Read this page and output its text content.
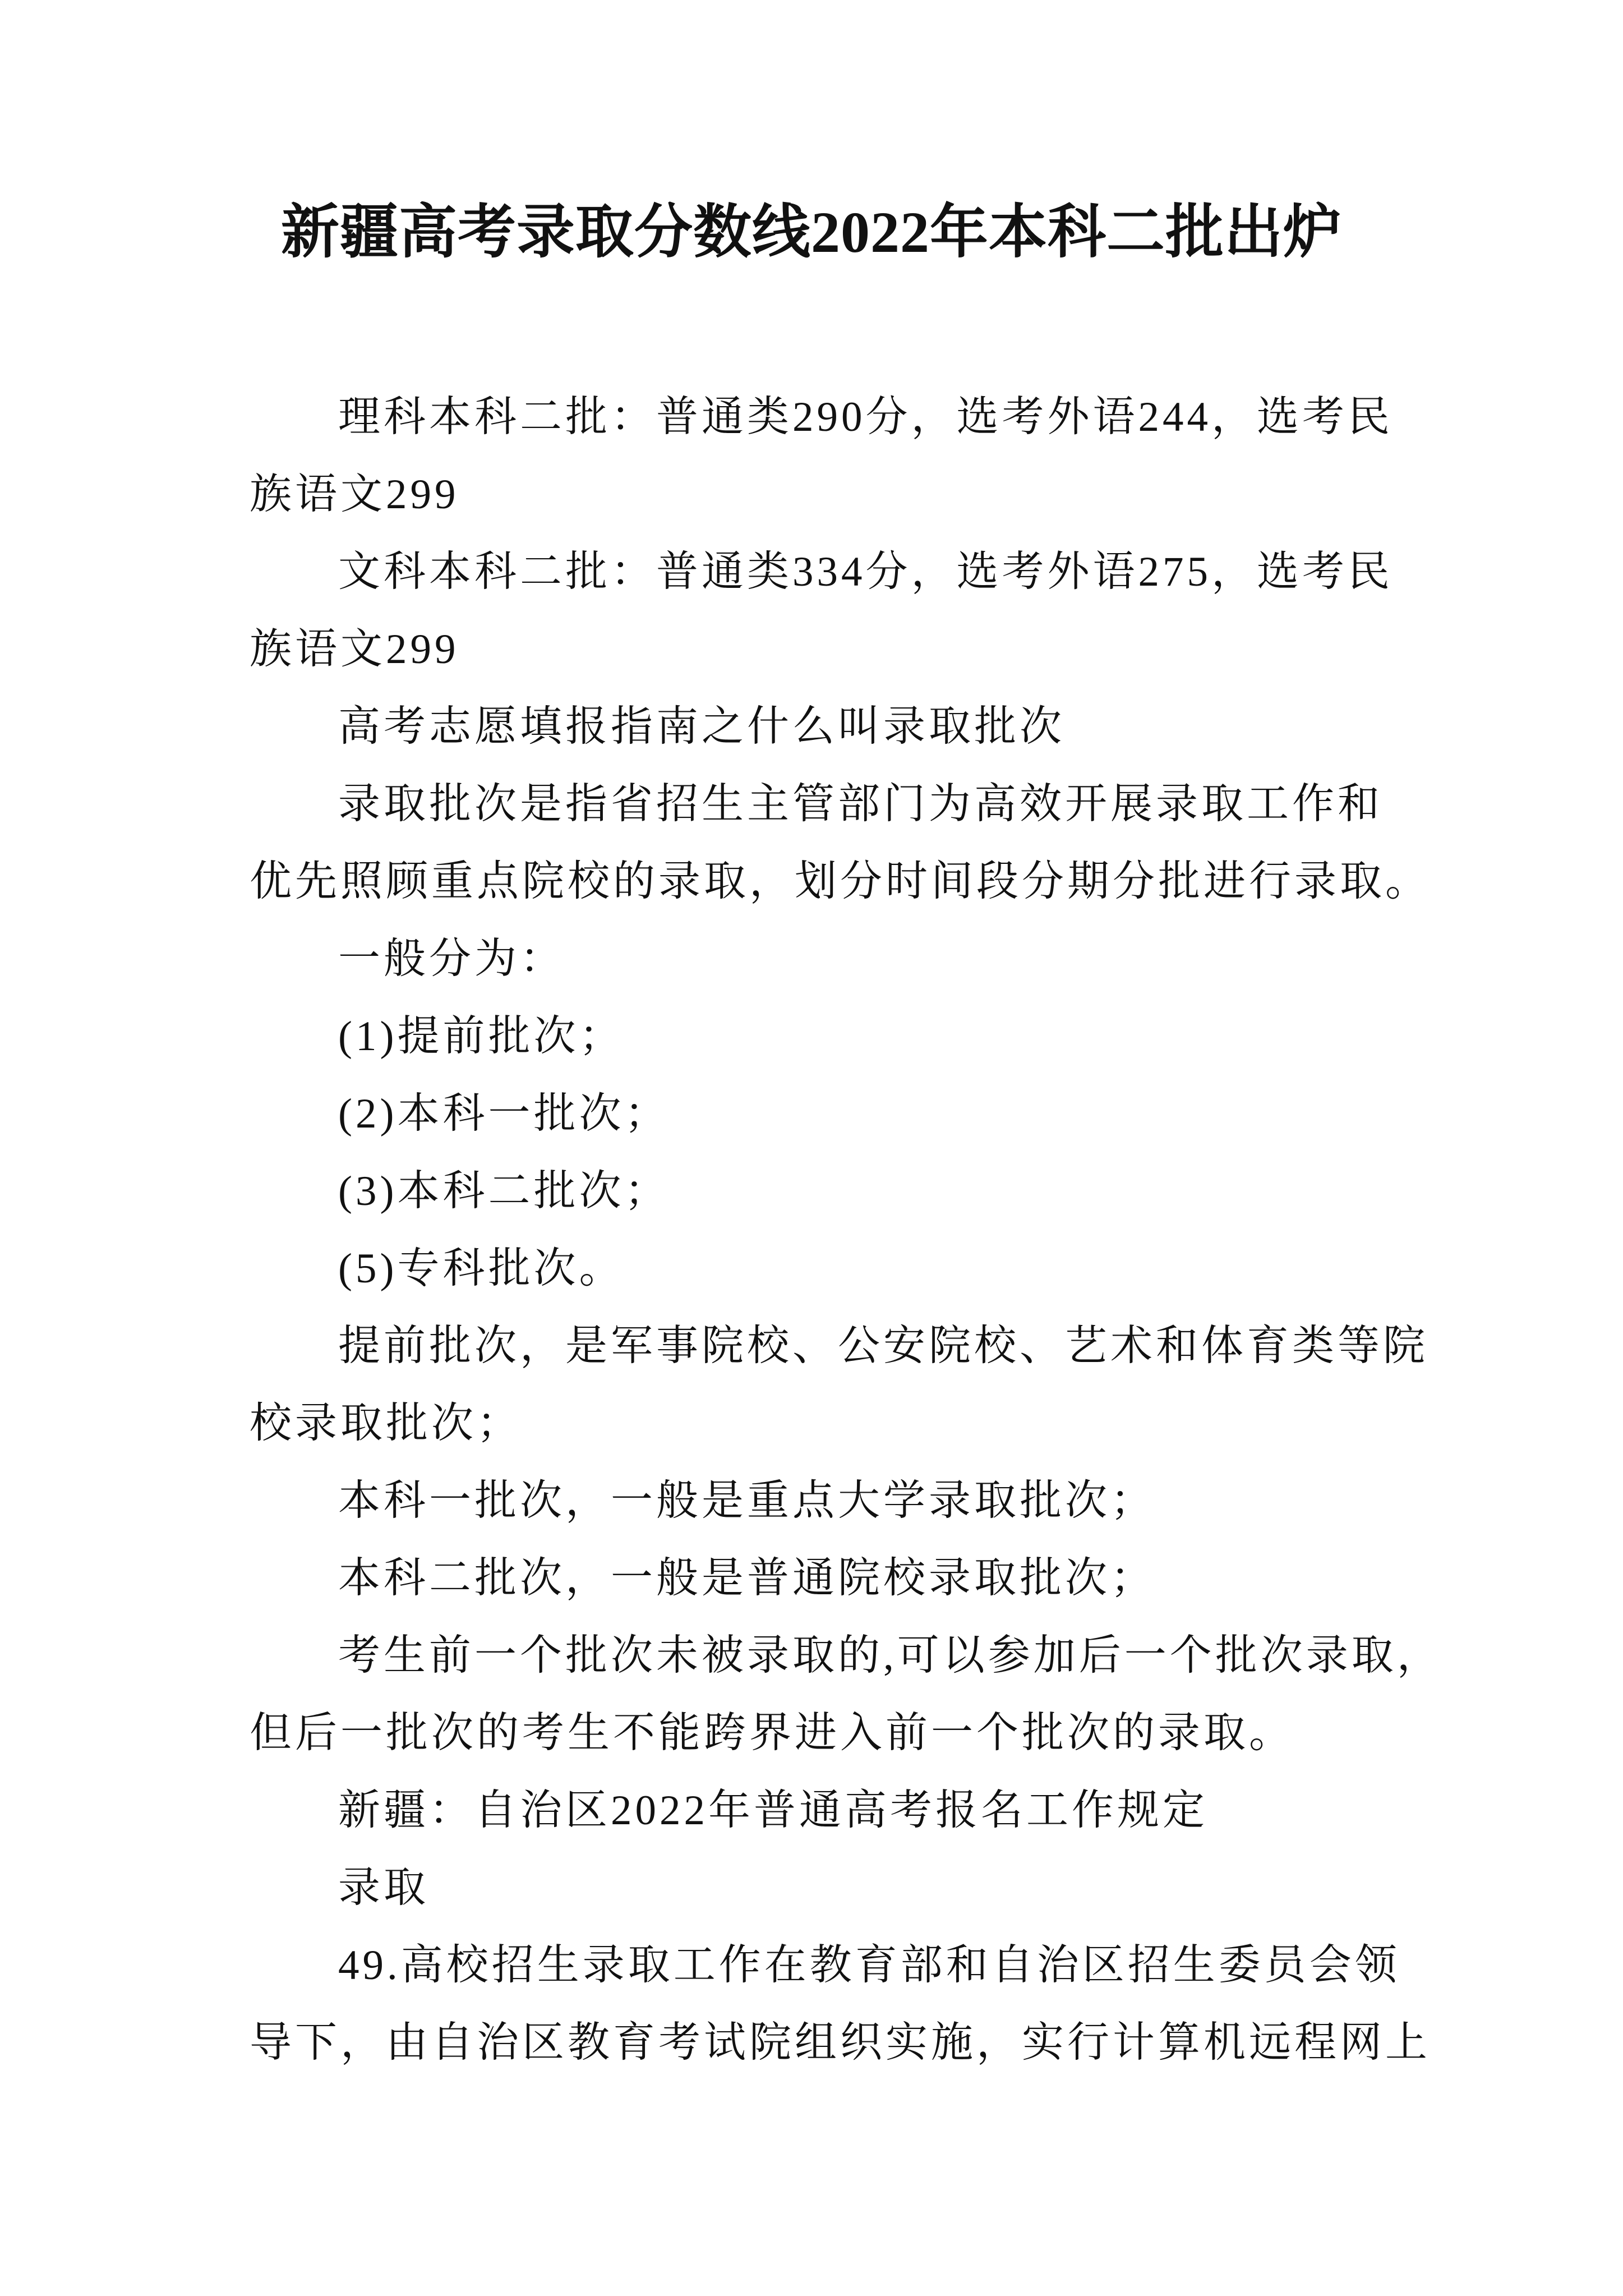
新疆高考录取分数线2022年本科二批出炉

理科本科二批：普通类290分，选考外语244，选考民

族语文299

文科本科二批：普通类334分，选考外语275，选考民

族语文299

高考志愿填报指南之什么叫录取批次

录取批次是指省招生主管部门为高效开展录取工作和

优先照顾重点院校的录取，划分时间段分期分批进行录取。

一般分为：

(1)提前批次；

(2)本科一批次；

(3)本科二批次；

(5)专科批次。

提前批次，是军事院校、公安院校、艺术和体育类等院

校录取批次；

本科一批次，一般是重点大学录取批次；

本科二批次，一般是普通院校录取批次；

考生前一个批次未被录取的,可以参加后一个批次录取，

但后一批次的考生不能跨界进入前一个批次的录取。

新疆：自治区2022年普通高考报名工作规定

录取

49.高校招生录取工作在教育部和自治区招生委员会领

导下，由自治区教育考试院组织实施，实行计算机远程网上
